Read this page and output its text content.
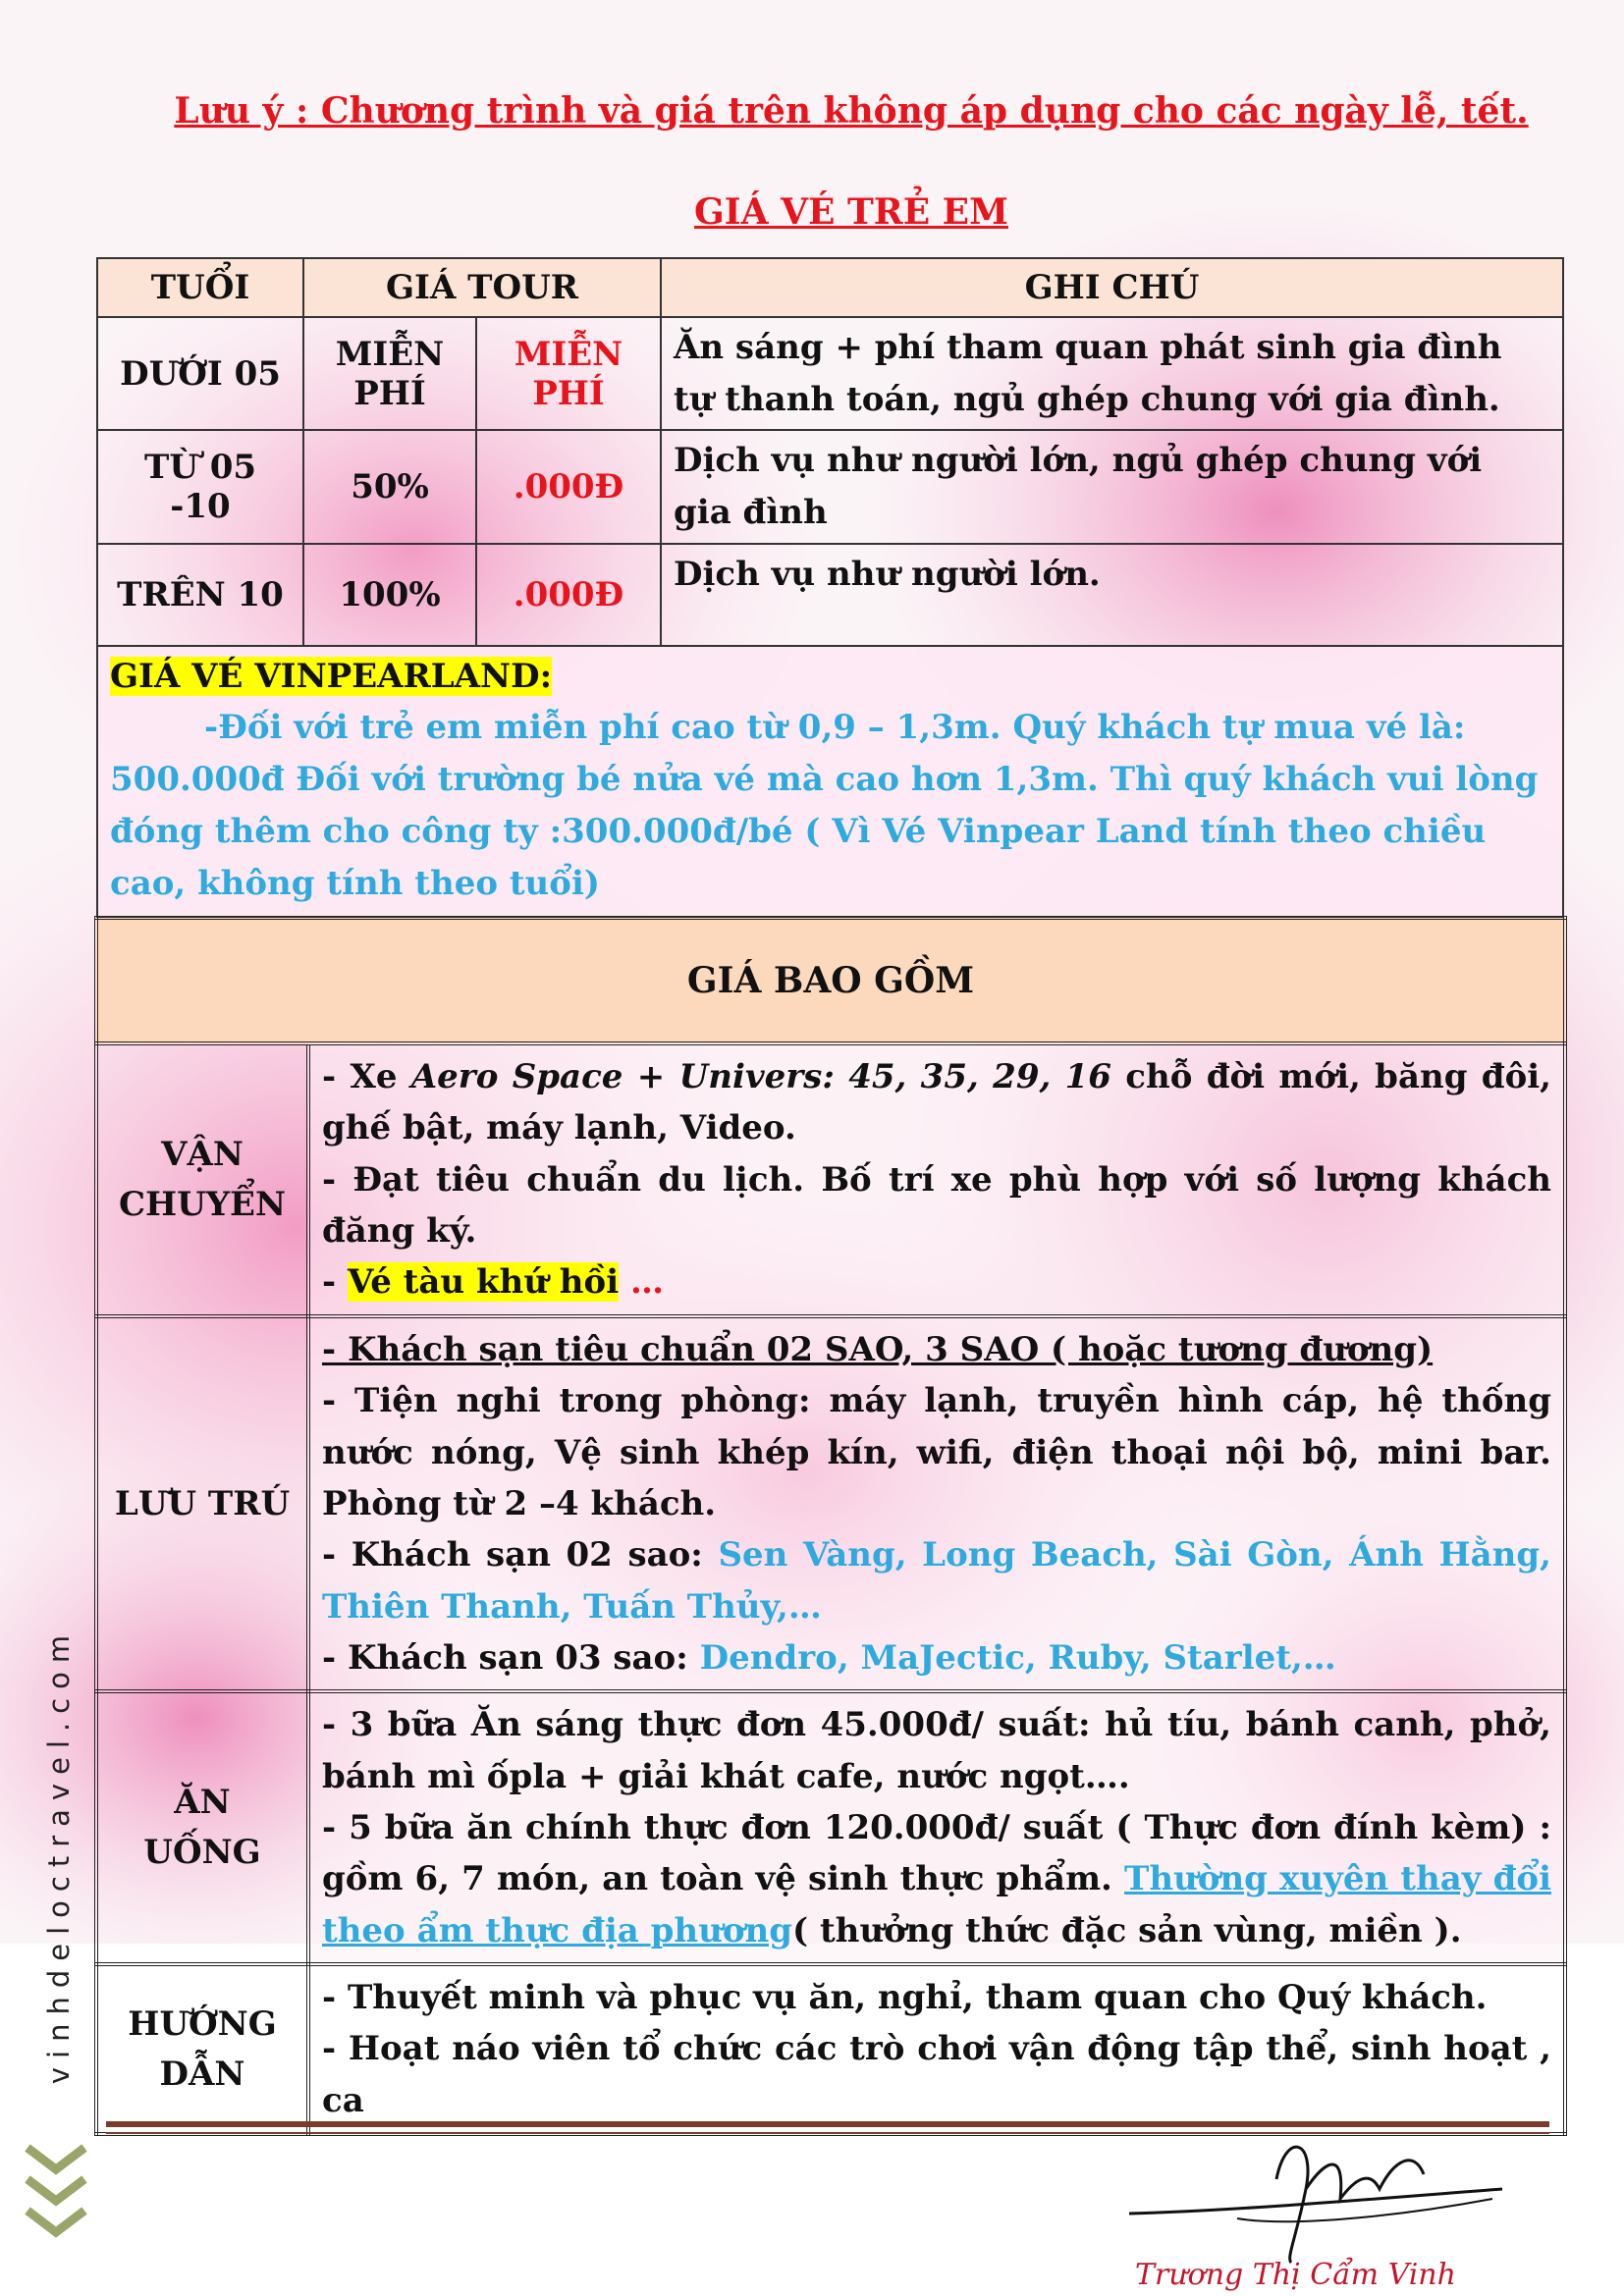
Lưu ý : Chương trình và giá trên không áp dụng cho các ngày lễ, tết.
GIÁ VÉ TRẺ EM
TUỔI	GIÁ TOUR		GHI CHÚ
DƯỚI 05	MIỄN PHÍ	MIỄN PHÍ	Ăn sáng + phí tham quan phát sinh gia đình tự thanh toán, ngủ ghép chung với gia đình.
TỪ 05 -10	50%	.000Đ	Dịch vụ như người lớn, ngủ ghép chung với gia đình
TRÊN 10	100%	.000Đ	Dịch vụ như người lớn.
GIÁ VÉ VINPEARLAND:

-Đối với trẻ em miễn phí cao từ 0,9 – 1,3m. Quý khách tự mua vé là: 500.000đ Đối với trường bé nửa vé mà cao hơn 1,3m. Thì quý khách vui lòng đóng thêm cho công ty :300.000đ/bé ( Vì Vé Vinpear Land tính theo chiều cao, không tính theo tuổi)			
GIÁ BAO GỒM	
VẬN CHUYỂN	- Xe Aero Space + Univers: 45, 35, 29, 16 chỗ đời mới, băng đôi, ghế bật, máy lạnh, Video.
- Đạt tiêu chuẩn du lịch. Bố trí xe phù hợp với số lượng khách đăng ký.
- Vé tàu khứ hồi …
LƯU TRÚ	- Khách sạn tiêu chuẩn 02 SAO, 3 SAO ( hoặc tương đương)
- Tiện nghi trong phòng: máy lạnh, truyền hình cáp, hệ thống nước nóng, Vệ sinh khép kín, wifi, điện thoại nội bộ, mini bar. Phòng từ 2 –4 khách.
- Khách sạn 02 sao: Sen Vàng, Long Beach, Sài Gòn, Ánh Hằng, Thiên Thanh, Tuấn Thủy,…
- Khách sạn 03 sao: Dendro, MaJectic, Ruby, Starlet,…
ĂN UỐNG	- 3 bữa Ăn sáng thực đơn 45.000đ/ suất: hủ tíu, bánh canh, phở, bánh mì ốpla + giải khát cafe, nước ngọt….
- 5 bữa ăn chính thực đơn 120.000đ/ suất ( Thực đơn đính kèm) : gồm 6, 7 món, an toàn vệ sinh thực phẩm. Thường xuyên thay đổi theo ẩm thực địa phương( thưởng thức đặc sản vùng, miền ).
HƯỚNG DẪN	- Thuyết minh và phục vụ ăn, nghỉ, tham quan cho Quý khách.
- Hoạt náo viên tổ chức các trò chơi vận động tập thể, sinh hoạt , ca
vinhdeloctravel.com
Trương Thị Cẩm Vinh
